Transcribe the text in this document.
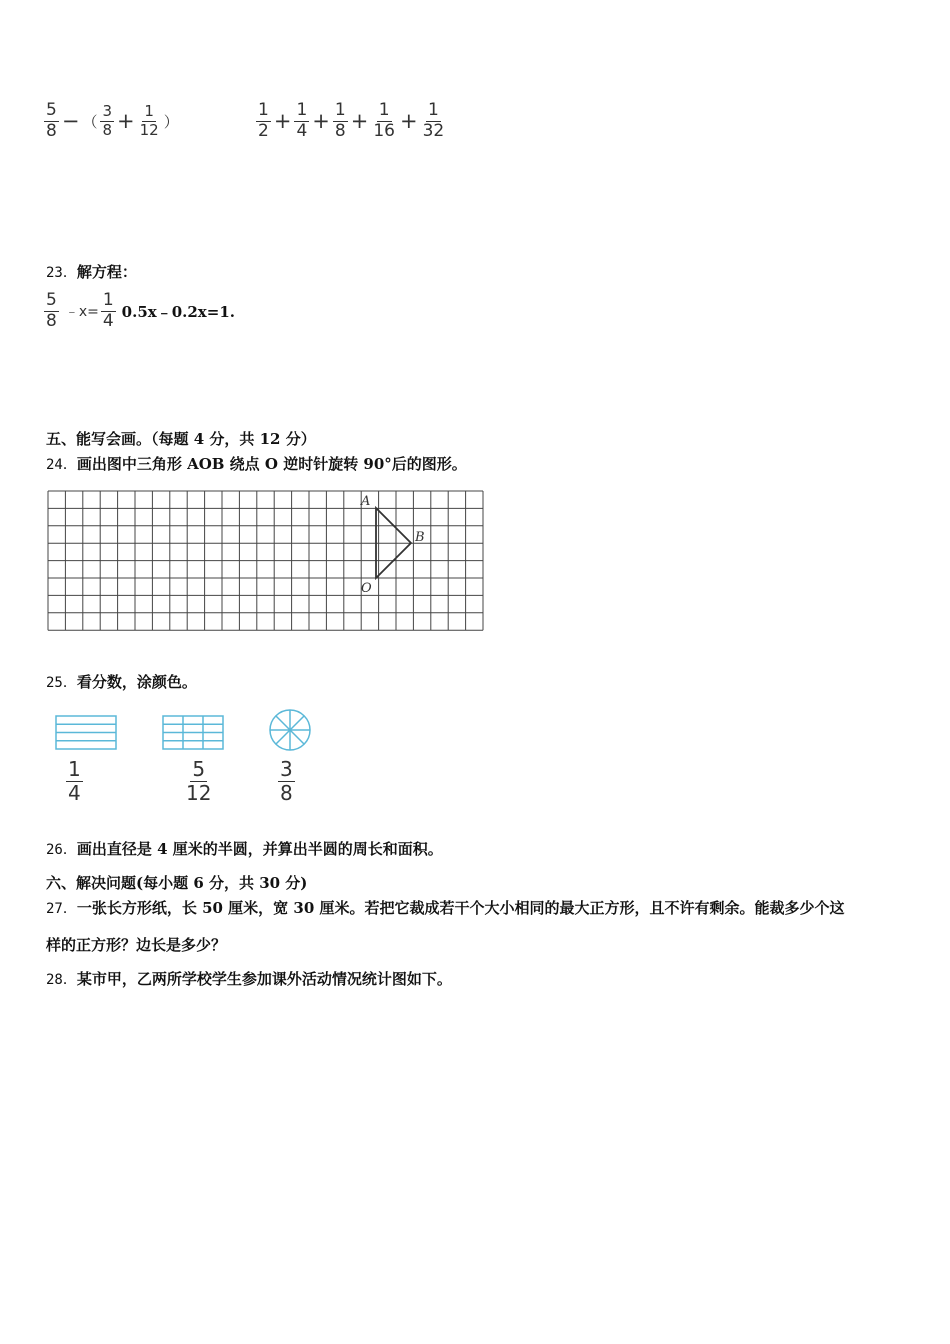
$\frac{5}{8}$ − （ $\frac{3}{8} + \frac{1}{12}$ ）	$\frac{1}{2} + \frac{1}{4} + \frac{1}{8} + \frac{1}{16} + \frac{1}{32}$
23．解方程：
$\frac{5}{8}$ ﹣x= $\frac{1}{4}$ 0.5x﹣0.2x=1.
五、能写会画。（每题 4 分，共 12 分）
24．画出图中三角形 AOB 绕点 O 逆时针旋转 90°后的图形。
A
B
O
25．看分数，涂颜色。
$\frac{1}{4}$	$\frac{5}{12}$	$\frac{3}{8}$
26．画出直径是 4 厘米的半圆，并算出半圆的周长和面积。
六、解决问题(每小题 6 分，共 30 分)
27．一张长方形纸，长 50 厘米，宽 30 厘米。若把它裁成若干个大小相同的最大正方形，且不许有剩余。能裁多少个这
样的正方形？边长是多少？
28．某市甲，乙两所学校学生参加课外活动情况统计图如下。
